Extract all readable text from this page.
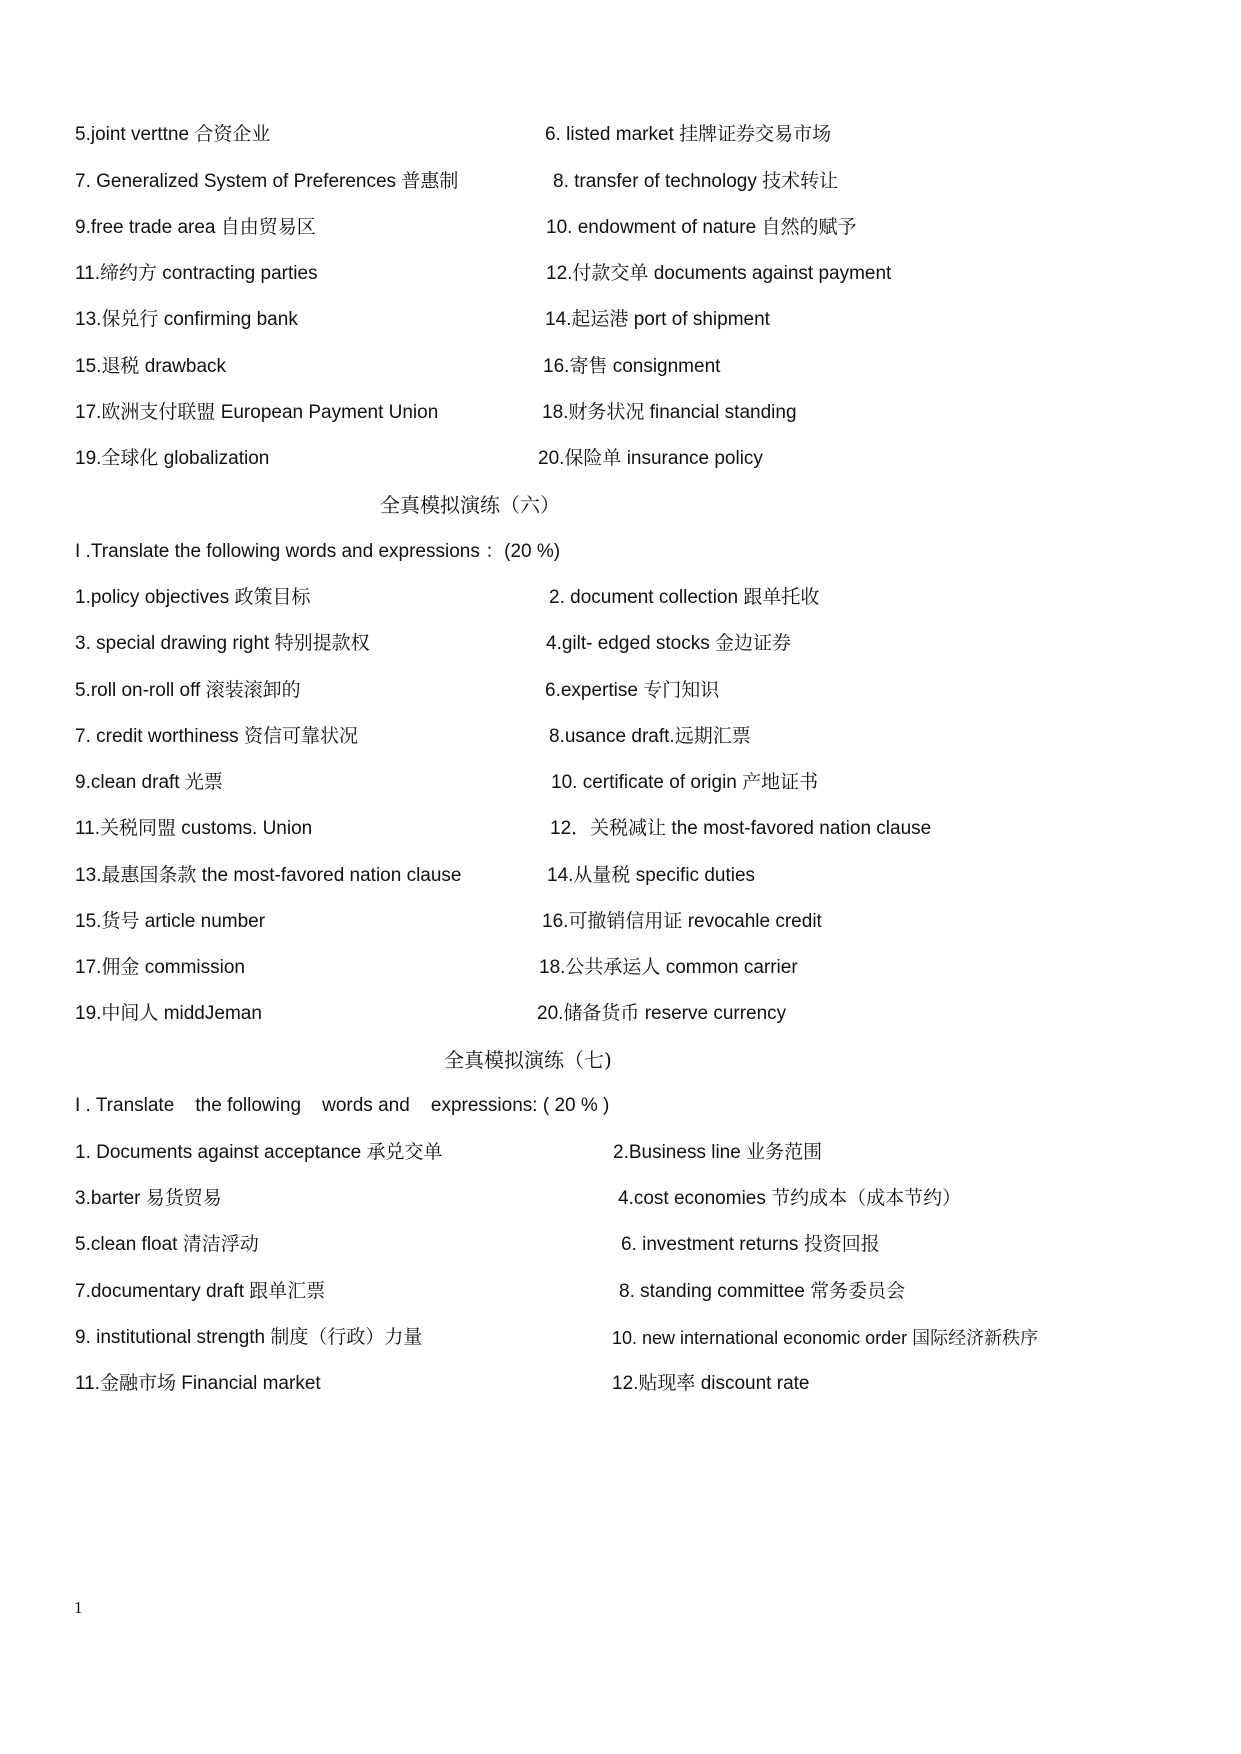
5.joint verttne 合资企业	6. listed market 挂牌证券交易市场
7. Generalized System of Preferences 普惠制	8. transfer of technology 技术转让
9.free trade area 自由贸易区	10. endowment of nature 自然的赋予
11.缔约方 contracting parties	12.付款交单 documents against payment
13.保兑行 confirming bank	14.起运港 port of shipment
15.退税 drawback	16.寄售 consignment
17.欧洲支付联盟 European Payment Union	18.财务状况 financial standing
19.全球化 globalization	20.保险单 insurance policy
全真模拟演练（六）
I .Translate the following words and expressions ：(20 %)
1.policy objectives 政策目标	2. document collection 跟单托收
3. special drawing right 特别提款权	4.gilt- edged stocks 金边证券
5.roll on-roll off 滚装滚卸的	6.expertise 专门知识
7. credit worthiness 资信可靠状况	8.usance draft.远期汇票
9.clean draft 光票	10. certificate of origin 产地证书
11.关税同盟 customs. Union	12．关税减让 the most-favored nation clause
13.最惠国条款 the most-favored nation clause	14.从量税 specific duties
15.货号 article number	16.可撤销信用证 revocahle credit
17.佣金 commission	18.公共承运人 common carrier
19.中间人 middJeman	20.储备货币 reserve currency
全真模拟演练（七)
I . Translate    the following    words and    expressions: ( 20 % )
1. Documents against acceptance 承兑交单	2.Business line 业务范围
3.barter 易货贸易	4.cost economies 节约成本（成本节约）
5.clean float 清洁浮动	6. investment returns 投资回报
7.documentary draft 跟单汇票	8. standing committee 常务委员会
9. institutional strength 制度（行政）力量	10. new international economic order 国际经济新秩序
11.金融市场 Financial market	12.贴现率 discount rate
1
